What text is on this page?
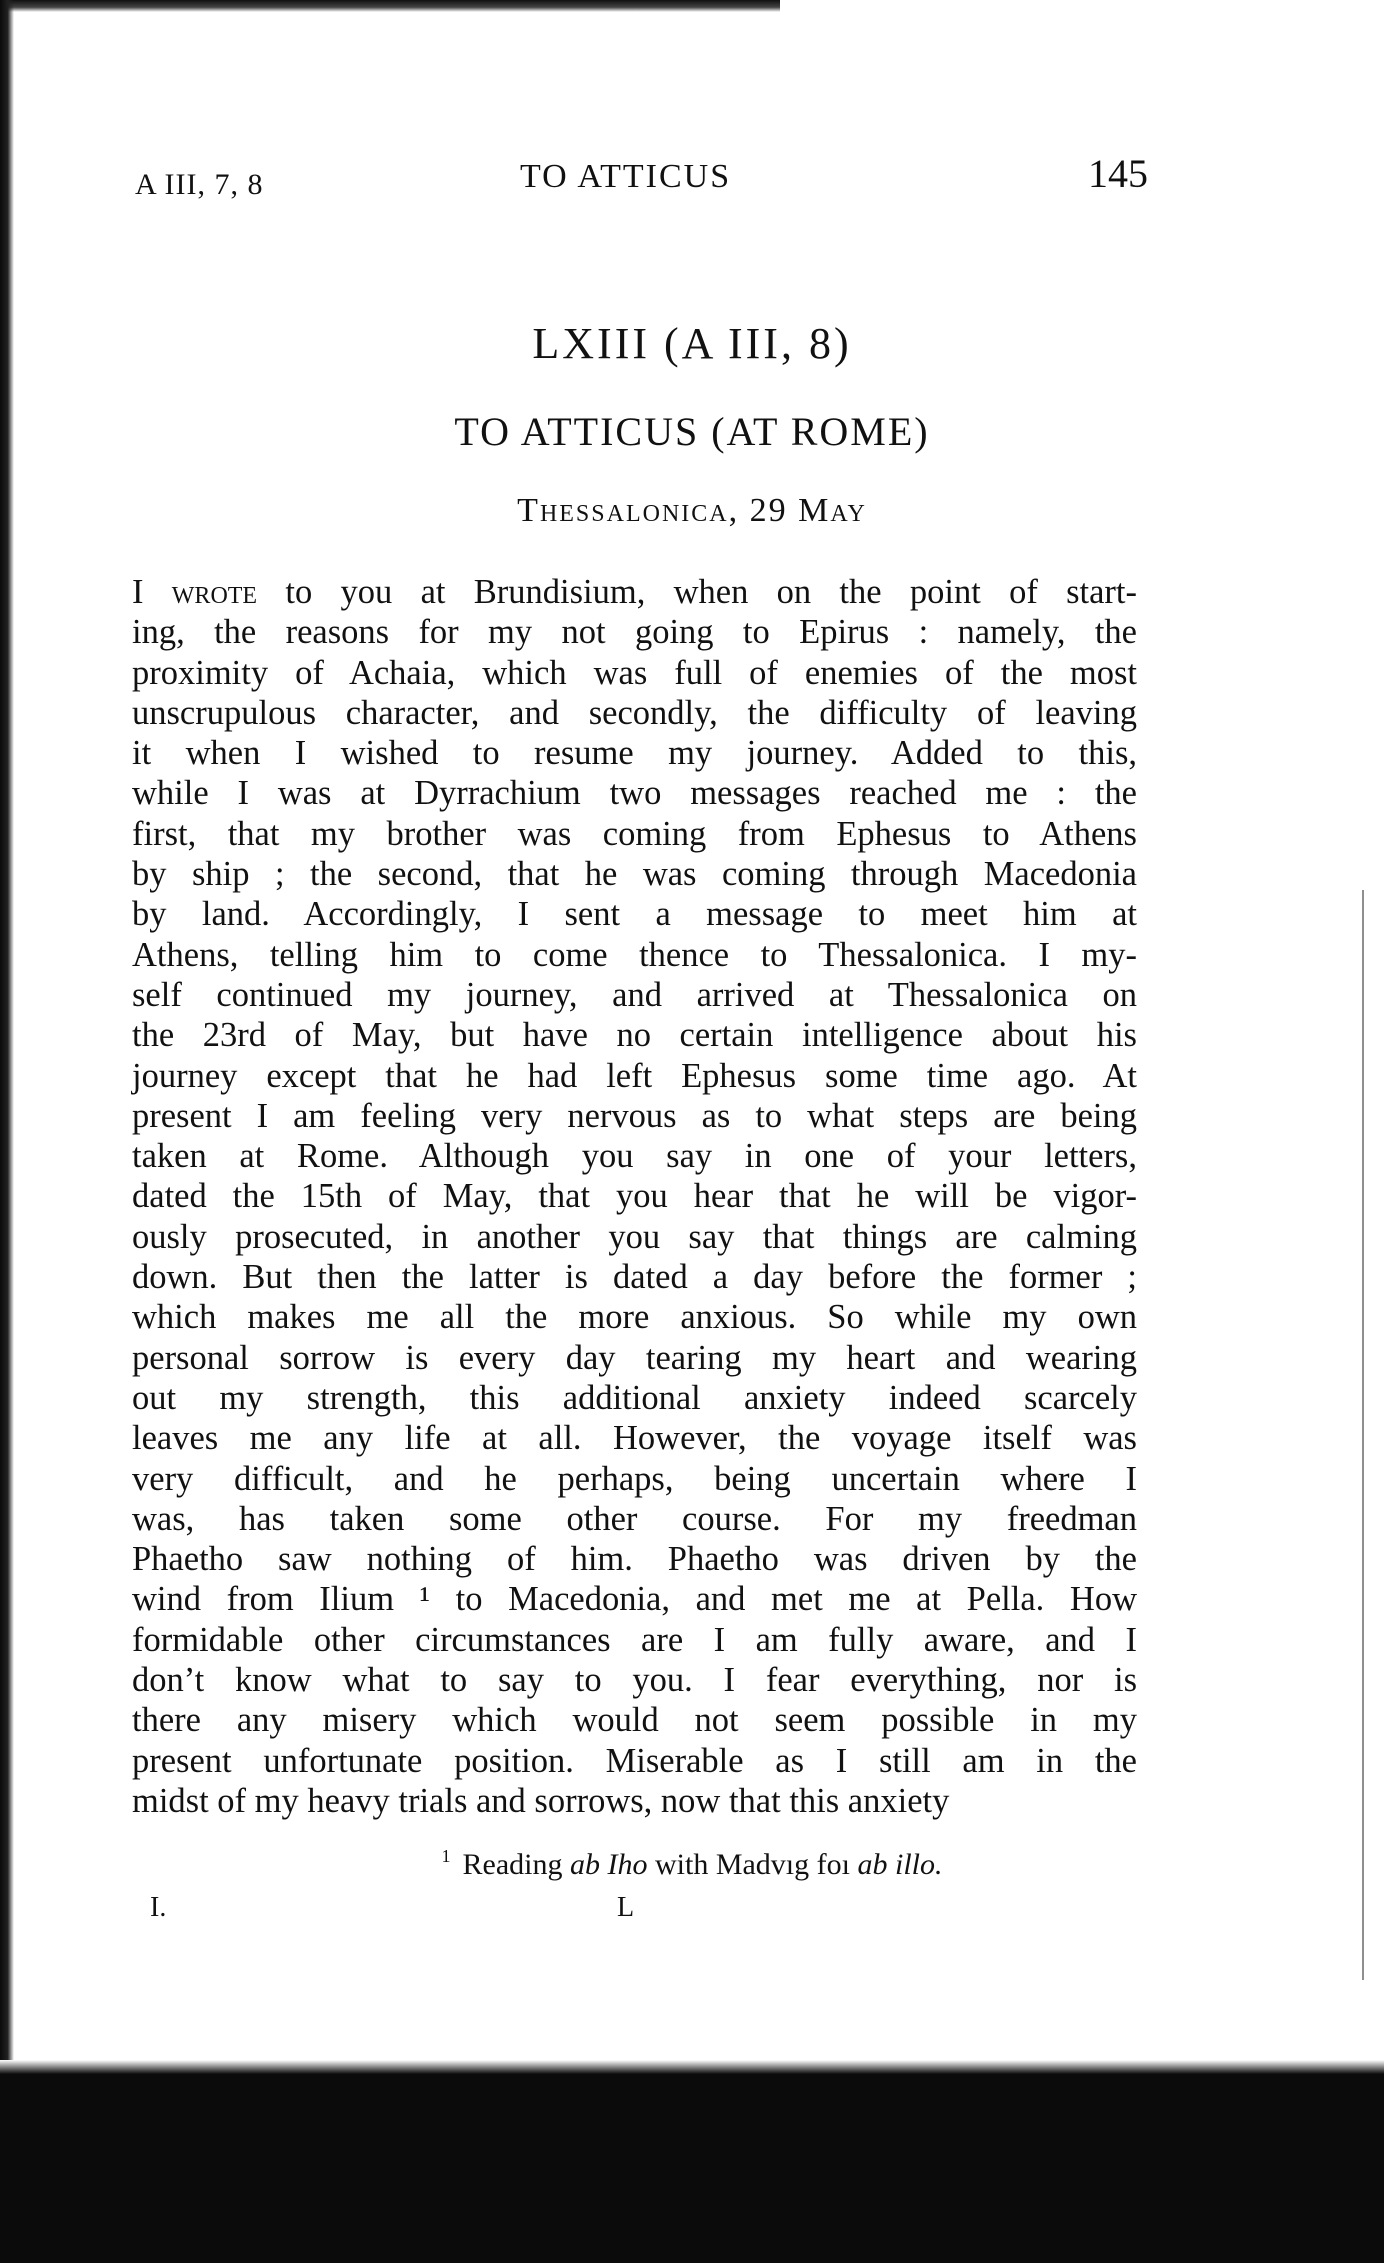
A III, 7, 8	TO ATTICUS	145
LXIII (A III, 8)
TO ATTICUS (AT ROME)
Thessalonica, 29 May
I wrote to you at Brundisium, when on the point of start-
ing, the reasons for my not going to Epirus : namely, the
proximity of Achaia, which was full of enemies of the most
unscrupulous character, and secondly, the difficulty of leaving
it when I wished to resume my journey. Added to this,
while I was at Dyrrachium two messages reached me : the
first, that my brother was coming from Ephesus to Athens
by ship ; the second, that he was coming through Macedonia
by land. Accordingly, I sent a message to meet him at
Athens, telling him to come thence to Thessalonica. I my-
self continued my journey, and arrived at Thessalonica on
the 23rd of May, but have no certain intelligence about his
journey except that he had left Ephesus some time ago. At
present I am feeling very nervous as to what steps are being
taken at Rome. Although you say in one of your letters,
dated the 15th of May, that you hear that he will be vigor-
ously prosecuted, in another you say that things are calming
down. But then the latter is dated a day before the former ;
which makes me all the more anxious. So while my own
personal sorrow is every day tearing my heart and wearing
out my strength, this additional anxiety indeed scarcely
leaves me any life at all. However, the voyage itself was
very difficult, and he perhaps, being uncertain where I
was, has taken some other course. For my freedman
Phaetho saw nothing of him. Phaetho was driven by the
wind from Ilium ¹ to Macedonia, and met me at Pella. How
formidable other circumstances are I am fully aware, and I
don’t know what to say to you. I fear everything, nor is
there any misery which would not seem possible in my
present unfortunate position. Miserable as I still am in the
midst of my heavy trials and sorrows, now that this anxiety
$^1$ Reading ab Iho with Madvıg foı ab illo.
I.	L
